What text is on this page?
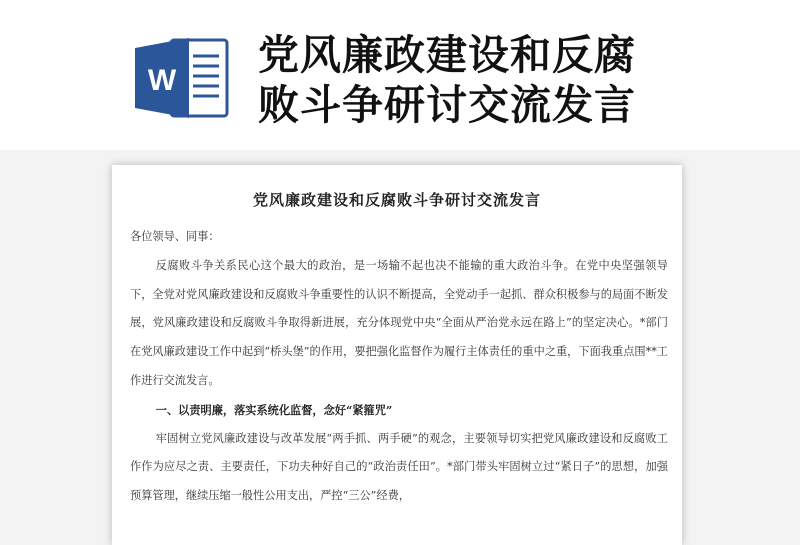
W
党风廉政建设和反腐
败斗争研讨交流发言
党风廉政建设和反腐败斗争研讨交流发言

各位领导、同事：

反腐败斗争关系民心这个最大的政治，是一场输不起也决不能输的重大政治斗争。在党中央坚强领导下，全党对党风廉政建设和反腐败斗争重要性的认识不断提高，全党动手一起抓、群众积极参与的局面不断发展，党风廉政建设和反腐败斗争取得新进展，充分体现党中央“全面从严治党永远在路上”的坚定决心。*部门在党风廉政建设工作中起到“桥头堡”的作用，要把强化监督作为履行主体责任的重中之重，下面我重点围**工作进行交流发言。

一、以责明廉，落实系统化监督，念好“紧箍咒”

牢固树立党风廉政建设与改革发展“两手抓、两手硬”的观念，主要领导切实把党风廉政建设和反腐败工作作为应尽之责、主要责任，下功夫种好自己的“政治责任田”。*部门带头牢固树立过“紧日子”的思想，加强预算管理，继续压缩一般性公用支出，严控“三公”经费，
